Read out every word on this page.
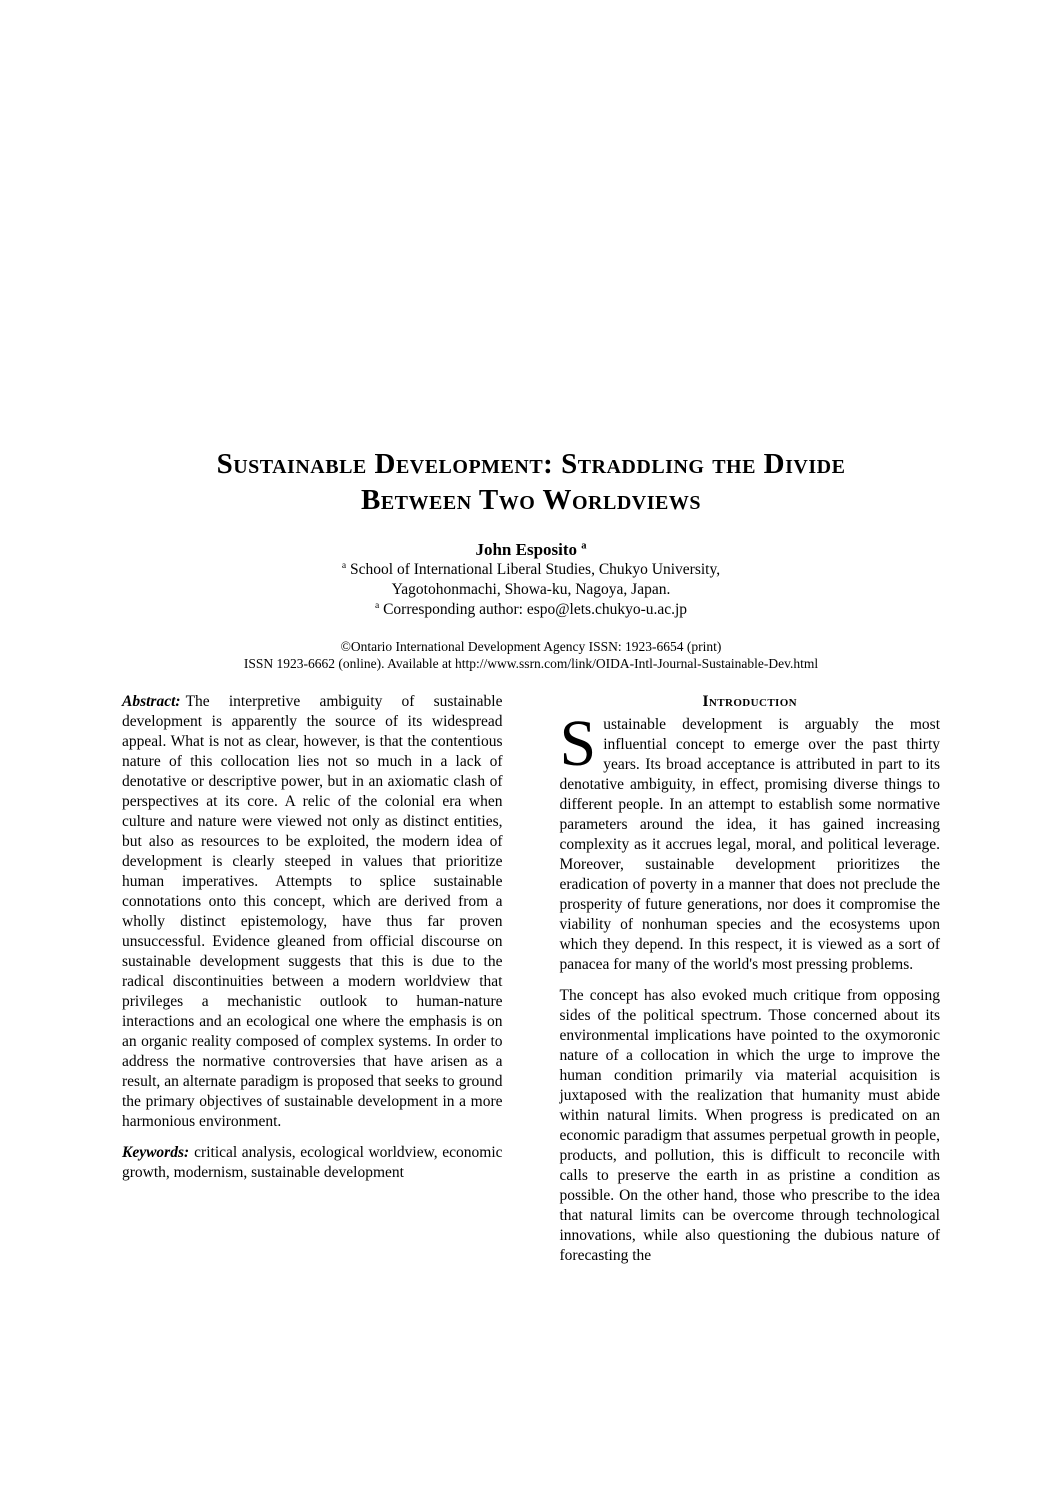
Sustainable Development: Straddling the Divide
Between Two Worldviews
John Esposito $^a$
$^a$ School of International Liberal Studies, Chukyo University,
Yagotohonmachi, Showa-ku, Nagoya, Japan.
$^a$ Corresponding author: espo@lets.chukyo-u.ac.jp
©Ontario International Development Agency ISSN: 1923-6654 (print)
ISSN 1923-6662 (online). Available at http://www.ssrn.com/link/OIDA-Intl-Journal-Sustainable-Dev.html

Abstract: The interpretive ambiguity of sustainable development is apparently the source of its widespread appeal. What is not as clear, however, is that the contentious nature of this collocation lies not so much in a lack of denotative or descriptive power, but in an axiomatic clash of perspectives at its core. A relic of the colonial era when culture and nature were viewed not only as distinct entities, but also as resources to be exploited, the modern idea of development is clearly steeped in values that prioritize human imperatives. Attempts to splice sustainable connotations onto this concept, which are derived from a wholly distinct epistemology, have thus far proven unsuccessful. Evidence gleaned from official discourse on sustainable development suggests that this is due to the radical discontinuities between a modern worldview that privileges a mechanistic outlook to human-nature interactions and an ecological one where the emphasis is on an organic reality composed of complex systems. In order to address the normative controversies that have arisen as a result, an alternate paradigm is proposed that seeks to ground the primary objectives of sustainable development in a more harmonious environment.

Keywords: critical analysis, ecological worldview, economic growth, modernism, sustainable development

Introduction

Sustainable development is arguably the most influential concept to emerge over the past thirty years. Its broad acceptance is attributed in part to its denotative ambiguity, in effect, promising diverse things to different people. In an attempt to establish some normative parameters around the idea, it has gained increasing complexity as it accrues legal, moral, and political leverage. Moreover, sustainable development prioritizes the eradication of poverty in a manner that does not preclude the prosperity of future generations, nor does it compromise the viability of nonhuman species and the ecosystems upon which they depend. In this respect, it is viewed as a sort of panacea for many of the world's most pressing problems.

The concept has also evoked much critique from opposing sides of the political spectrum. Those concerned about its environmental implications have pointed to the oxymoronic nature of a collocation in which the urge to improve the human condition primarily via material acquisition is juxtaposed with the realization that humanity must abide within natural limits. When progress is predicated on an economic paradigm that assumes perpetual growth in people, products, and pollution, this is difficult to reconcile with calls to preserve the earth in as pristine a condition as possible. On the other hand, those who prescribe to the idea that natural limits can be overcome through technological innovations, while also questioning the dubious nature of forecasting the
